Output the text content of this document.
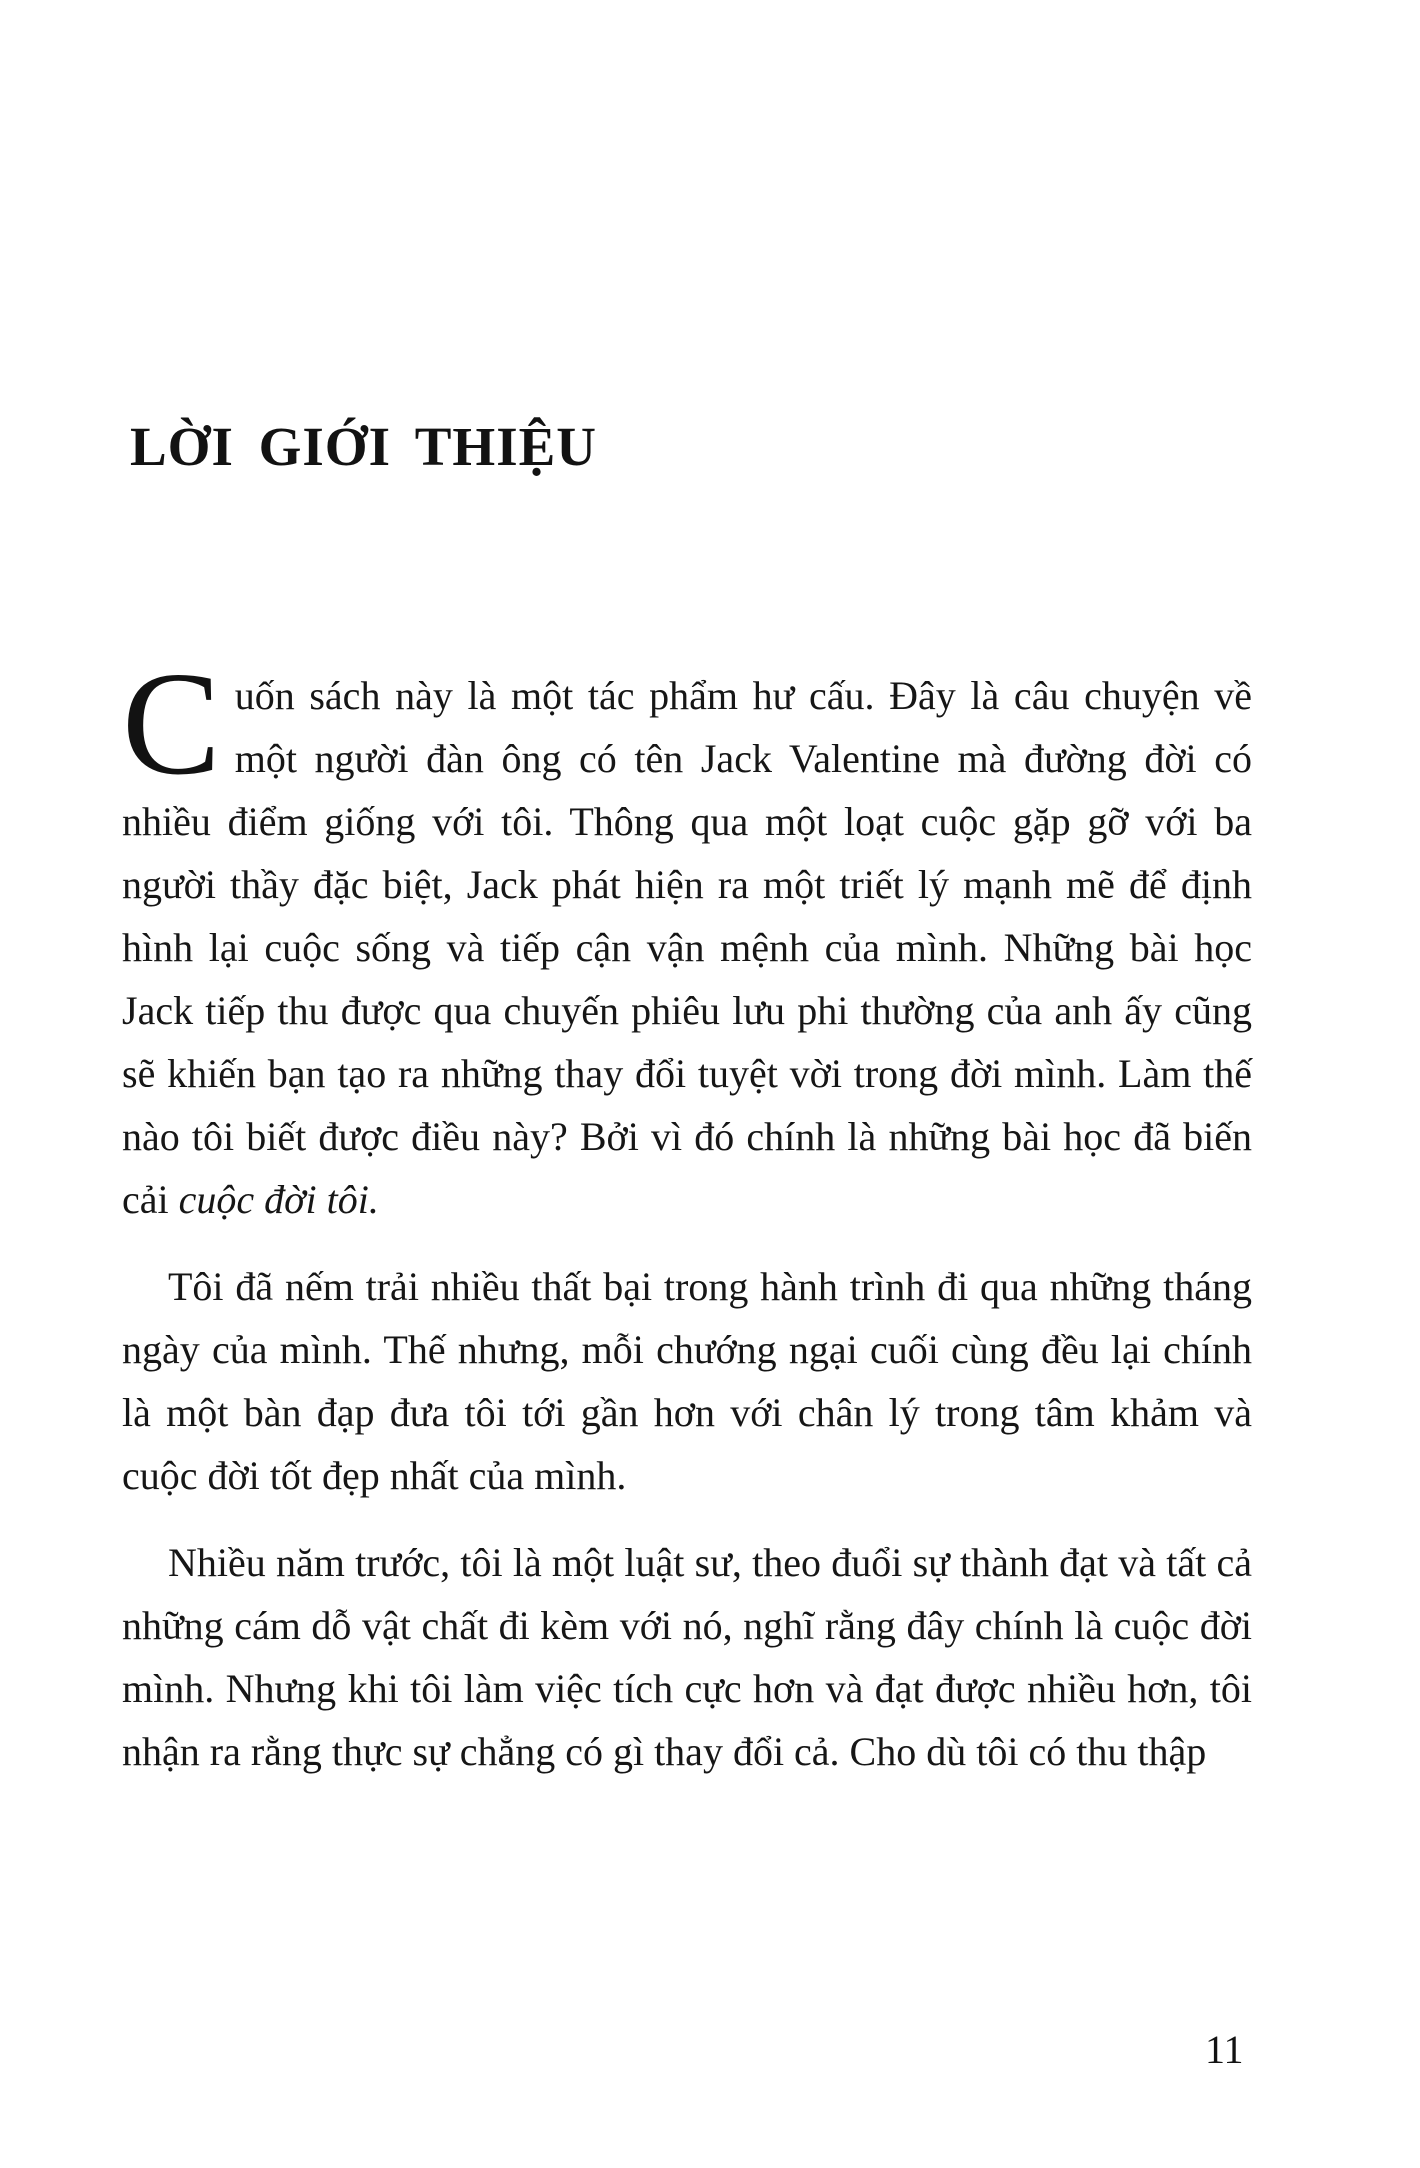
LỜI GIỚI THIỆU

Cuốn sách này là một tác phẩm hư cấu. Đây là câu chuyện về một người đàn ông có tên Jack Valentine mà đường đời có nhiều điểm giống với tôi. Thông qua một loạt cuộc gặp gỡ với ba người thầy đặc biệt, Jack phát hiện ra một triết lý mạnh mẽ để định hình lại cuộc sống và tiếp cận vận mệnh của mình. Những bài học Jack tiếp thu được qua chuyến phiêu lưu phi thường của anh ấy cũng sẽ khiến bạn tạo ra những thay đổi tuyệt vời trong đời mình. Làm thế nào tôi biết được điều này? Bởi vì đó chính là những bài học đã biến cải cuộc đời tôi.

Tôi đã nếm trải nhiều thất bại trong hành trình đi qua những tháng ngày của mình. Thế nhưng, mỗi chướng ngại cuối cùng đều lại chính là một bàn đạp đưa tôi tới gần hơn với chân lý trong tâm khảm và cuộc đời tốt đẹp nhất của mình.

Nhiều năm trước, tôi là một luật sư, theo đuổi sự thành đạt và tất cả những cám dỗ vật chất đi kèm với nó, nghĩ rằng đây chính là cuộc đời mình. Nhưng khi tôi làm việc tích cực hơn và đạt được nhiều hơn, tôi nhận ra rằng thực sự chẳng có gì thay đổi cả. Cho dù tôi có thu thập

11
